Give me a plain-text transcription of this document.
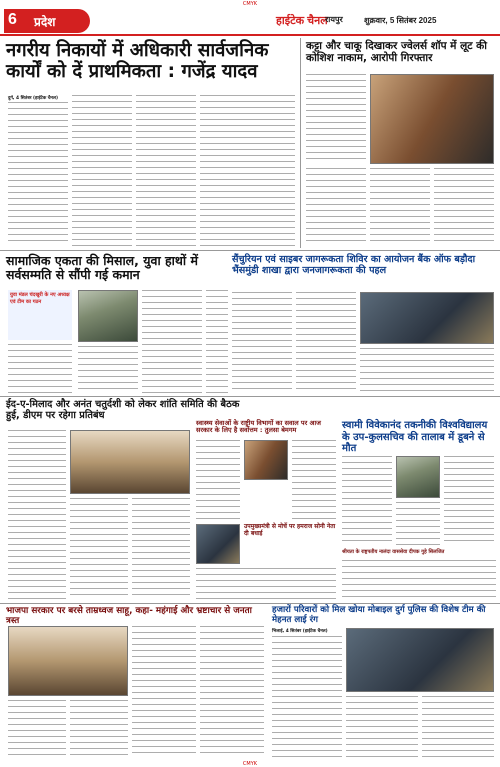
CMYK
6 प्रदेश	हाईटेक चैनल
रायपुर	शुक्रवार, 5 सितंबर 2025
नगरीय निकायों में अधिकारी सार्वजनिक कार्यों को दें प्राथमिकता : गजेंद्र यादव
दुर्ग, 4 सितंबर (हाईटेक चैनल)
कट्टा और चाकू दिखाकर ज्वेलर्स शॉप में लूट की कोशिश नाकाम, आरोपी गिरफ्तार
सामाजिक एकता की मिसाल, युवा हाथों में सर्वसम्मति से सौंपी गई कमान
युवा मंडल चंदखुरी के नए अध्यक्ष एवं टीम का गठन
सैंचुरियन एवं साइबर जागरूकता शिविर का आयोजन बैंक ऑफ बड़ौदा भैंसमुंडी शाखा द्वारा जनजागरूकता की पहल
ईद-ए-मिलाद और अनंत चतुर्दशी को लेकर शांति समिति की बैठक हुई, डीएम पर रहेगा प्रतिबंध
स्वास्थ्य सेवाओं के राष्ट्रीय विभागों का सवाल पर आज सरकार के लिए है सर्वोत्तम : तुलसा बेमगम
उपमुख्यमंत्री से मोर्चे पर हमराज सोनी नेता दी बधाई
स्वामी विवेकानंद तकनीकी विश्वविद्यालय के उप-कुलसचिव की तालाब में डूबने से मौत
श्रीयता के राष्ट्रपतीय नालंदा वाससेवा दीपक गुहे सिलजित
भाजपा सरकार पर बरसे ताम्रध्वज साहू, कहा- महंगाई और भ्रष्टाचार से जनता त्रस्त
हजारों परिवारों को मिल खोया मोबाइल दुर्ग पुलिस की विशेष टीम की मेहनत लाई रंग
भिलाई, 4 सितंबर (हाईटेक चैनल)
CMYK
